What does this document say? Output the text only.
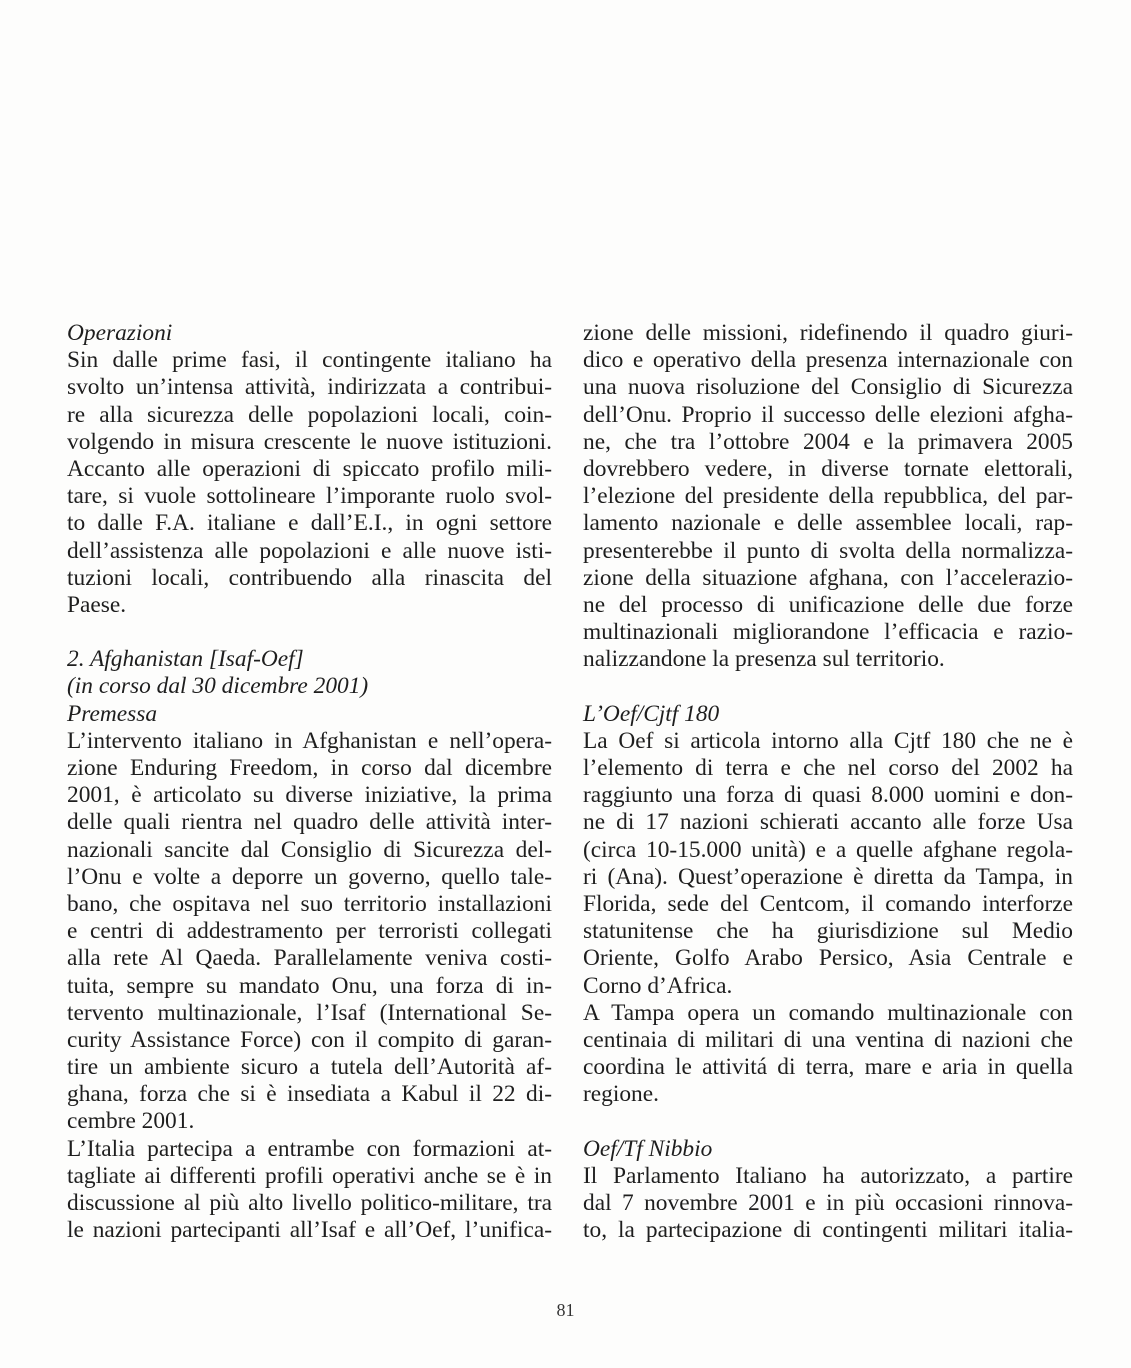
Operazioni
Sin dalle prime fasi, il contingente italiano ha
svolto un’intensa attività, indirizzata a contribui-
re alla sicurezza delle popolazioni locali, coin-
volgendo in misura crescente le nuove istituzioni.
Accanto alle operazioni di spiccato profilo mili-
tare, si vuole sottolineare l’imporante ruolo svol-
to dalle F.A. italiane e dall’E.I., in ogni settore
dell’assistenza alle popolazioni e alle nuove isti-
tuzioni locali, contribuendo alla rinascita del
Paese.
2. Afghanistan [Isaf-Oef]
(in corso dal 30 dicembre 2001)
Premessa
L’intervento italiano in Afghanistan e nell’opera-
zione Enduring Freedom, in corso dal dicembre
2001, è articolato su diverse iniziative, la prima
delle quali rientra nel quadro delle attività inter-
nazionali sancite dal Consiglio di Sicurezza del-
l’Onu e volte a deporre un governo, quello tale-
bano, che ospitava nel suo territorio installazioni
e centri di addestramento per terroristi collegati
alla rete Al Qaeda. Parallelamente veniva costi-
tuita, sempre su mandato Onu, una forza di in-
tervento multinazionale, l’Isaf (International Se-
curity Assistance Force) con il compito di garan-
tire un ambiente sicuro a tutela dell’Autorità af-
ghana, forza che si è insediata a Kabul il 22 di-
cembre 2001.
L’Italia partecipa a entrambe con formazioni at-
tagliate ai differenti profili operativi anche se è in
discussione al più alto livello politico-militare, tra
le nazioni partecipanti all’Isaf e all’Oef, l’unifica-
zione delle missioni, ridefinendo il quadro giuri-
dico e operativo della presenza internazionale con
una nuova risoluzione del Consiglio di Sicurezza
dell’Onu. Proprio il successo delle elezioni afgha-
ne, che tra l’ottobre 2004 e la primavera 2005
dovrebbero vedere, in diverse tornate elettorali,
l’elezione del presidente della repubblica, del par-
lamento nazionale e delle assemblee locali, rap-
presenterebbe il punto di svolta della normalizza-
zione della situazione afghana, con l’accelerazio-
ne del processo di unificazione delle due forze
multinazionali migliorandone l’efficacia e razio-
nalizzandone la presenza sul territorio.
L’Oef/Cjtf 180
La Oef si articola intorno alla Cjtf 180 che ne è
l’elemento di terra e che nel corso del 2002 ha
raggiunto una forza di quasi 8.000 uomini e don-
ne di 17 nazioni schierati accanto alle forze Usa
(circa 10-15.000 unità) e a quelle afghane regola-
ri (Ana). Quest’operazione è diretta da Tampa, in
Florida, sede del Centcom, il comando interforze
statunitense che ha giurisdizione sul Medio
Oriente, Golfo Arabo Persico, Asia Centrale e
Corno d’Africa.
A Tampa opera un comando multinazionale con
centinaia di militari di una ventina di nazioni che
coordina le attivitá di terra, mare e aria in quella
regione.
Oef/Tf Nibbio
Il Parlamento Italiano ha autorizzato, a partire
dal 7 novembre 2001 e in più occasioni rinnova-
to, la partecipazione di contingenti militari italia-
81
